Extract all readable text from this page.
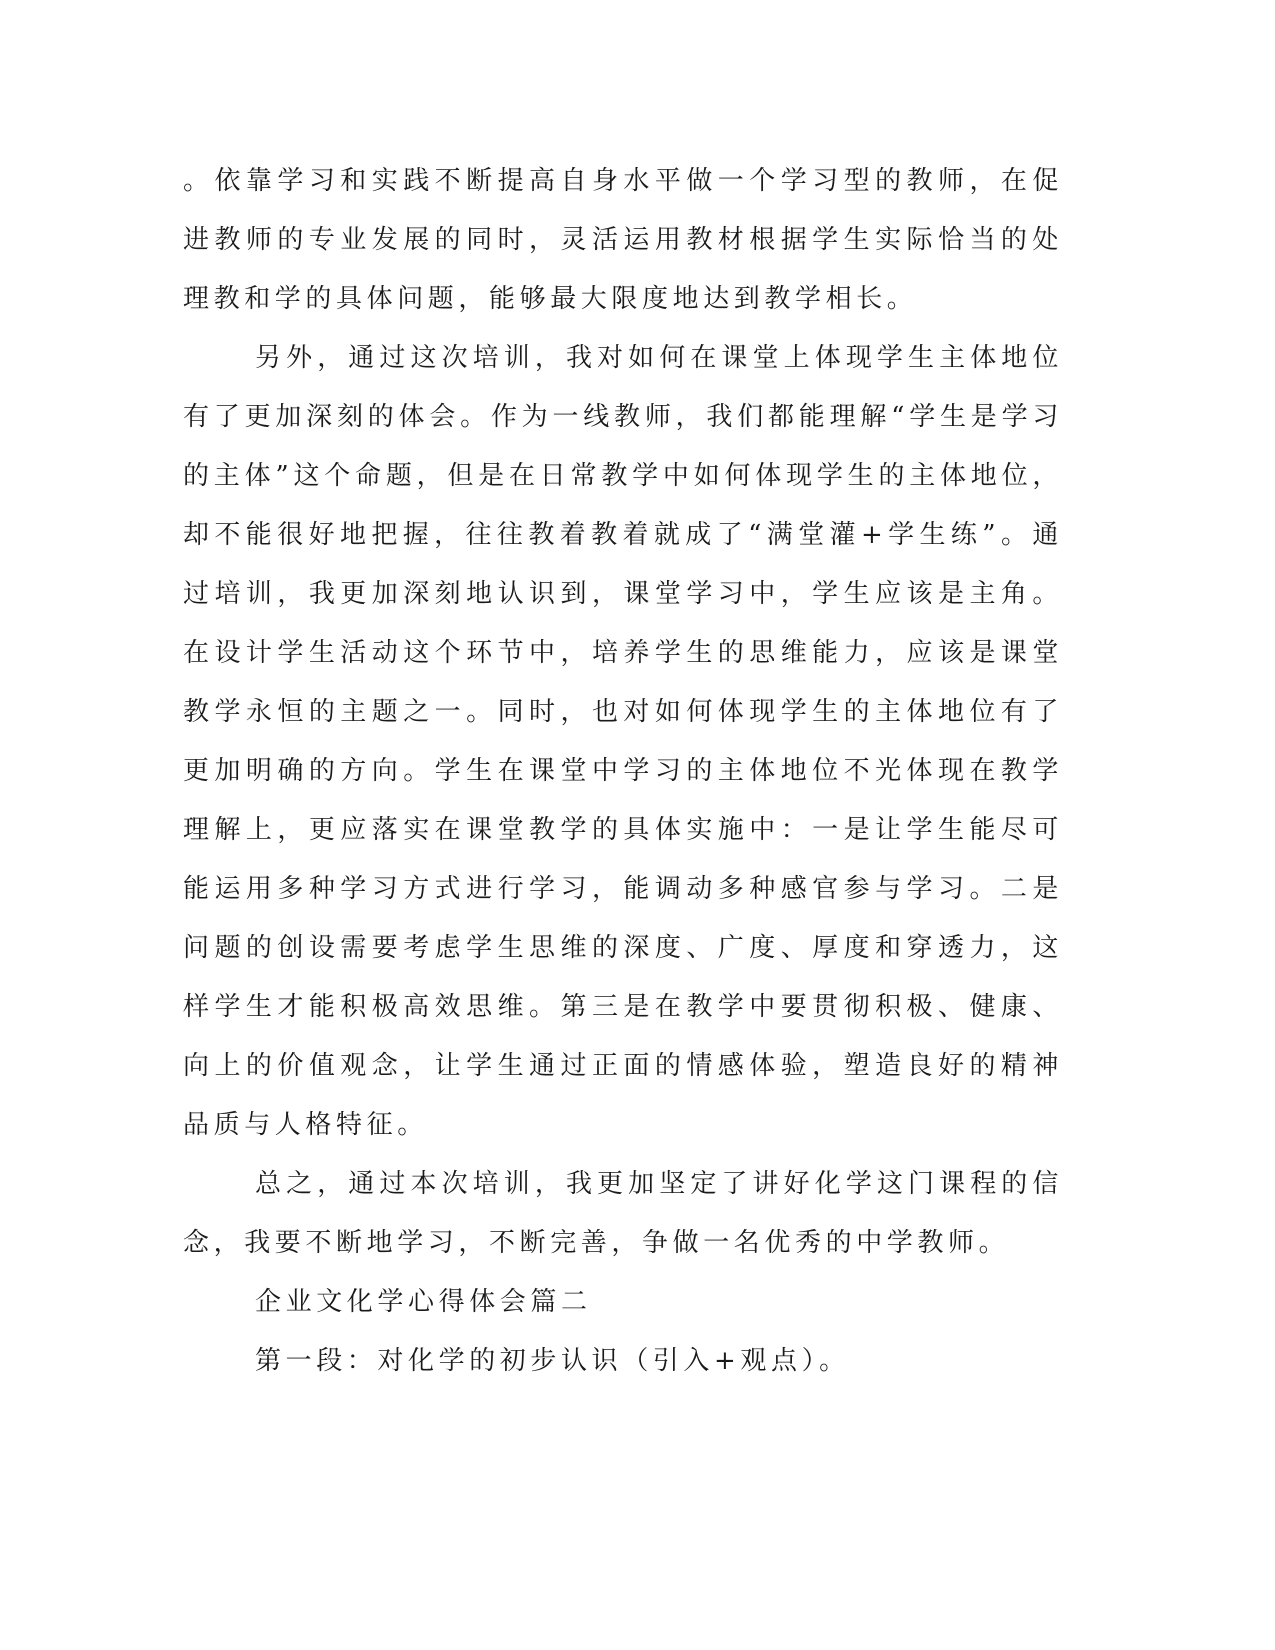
。依靠学习和实践不断提高自身水平做一个学习型的教师，在促进教师的专业发展的同时，灵活运用教材根据学生实际恰当的处理教和学的具体问题，能够最大限度地达到教学相长。

另外，通过这次培训，我对如何在课堂上体现学生主体地位有了更加深刻的体会。作为一线教师，我们都能理解“学生是学习的主体”这个命题，但是在日常教学中如何体现学生的主体地位，却不能很好地把握，往往教着教着就成了“满堂灌+学生练”。通过培训，我更加深刻地认识到，课堂学习中，学生应该是主角。在设计学生活动这个环节中，培养学生的思维能力，应该是课堂教学永恒的主题之一。同时，也对如何体现学生的主体地位有了更加明确的方向。学生在课堂中学习的主体地位不光体现在教学理解上，更应落实在课堂教学的具体实施中：一是让学生能尽可能运用多种学习方式进行学习，能调动多种感官参与学习。二是问题的创设需要考虑学生思维的深度、广度、厚度和穿透力，这样学生才能积极高效思维。第三是在教学中要贯彻积极、健康、向上的价值观念，让学生通过正面的情感体验，塑造良好的精神品质与人格特征。

总之，通过本次培训，我更加坚定了讲好化学这门课程的信念，我要不断地学习，不断完善，争做一名优秀的中学教师。

企业文化学心得体会篇二

第一段：对化学的初步认识（引入+观点）。
